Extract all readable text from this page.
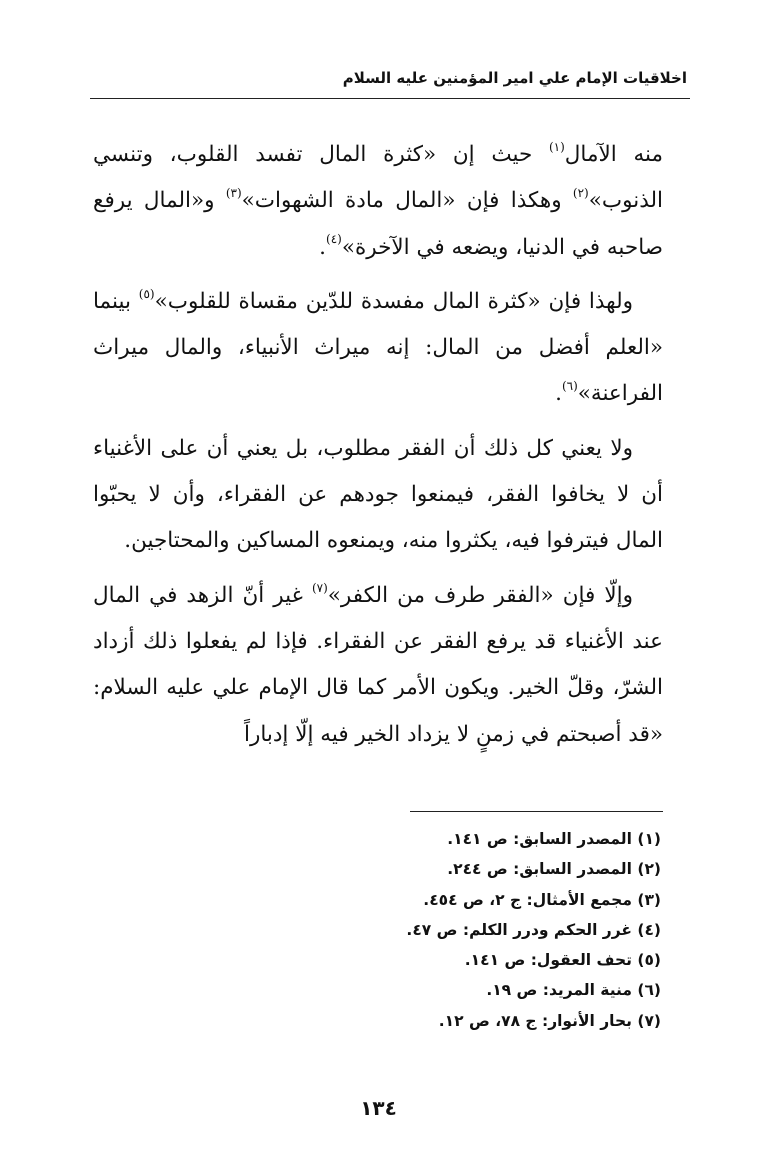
اخلاقيات الإمام علي امير المؤمنين عليه السلام

منه الآمال$^{(١)}$ حيث إن «كثرة المال تفسد القلوب، وتنسي الذنوب»$^{(٢)}$ وهكذا فإن «المال مادة الشهوات»$^{(٣)}$ و«المال يرفع صاحبه في الدنيا، ويضعه في الآخرة»$^{(٤)}$.

ولهذا فإن «كثرة المال مفسدة للدّين مقساة للقلوب»$^{(٥)}$ بينما «العلم أفضل من المال: إنه ميراث الأنبياء، والمال ميراث الفراعنة»$^{(٦)}$.

ولا يعني كل ذلك أن الفقر مطلوب، بل يعني أن على الأغنياء أن لا يخافوا الفقر، فيمنعوا جودهم عن الفقراء، وأن لا يحبّوا المال فيترفوا فيه، يكثروا منه، ويمنعوه المساكين والمحتاجين.

وإلّا فإن «الفقر طرف من الكفر»$^{(٧)}$ غير أنّ الزهد في المال عند الأغنياء قد يرفع الفقر عن الفقراء. فإذا لم يفعلوا ذلك أزداد الشرّ، وقلّ الخير. ويكون الأمر كما قال الإمام علي عليه السلام: «قد أصبحتم في زمنٍ لا يزداد الخير فيه إلّا إدباراً

(١) المصدر السابق: ص ١٤١.
(٢) المصدر السابق: ص ٢٤٤.
(٣) مجمع الأمثال: ج ٢، ص ٤٥٤.
(٤) غرر الحكم ودرر الكلم: ص ٤٧.
(٥) تحف العقول: ص ١٤١.
(٦) منية المريد: ص ١٩.
(٧) بحار الأنوار: ج ٧٨، ص ١٢.
١٣٤
